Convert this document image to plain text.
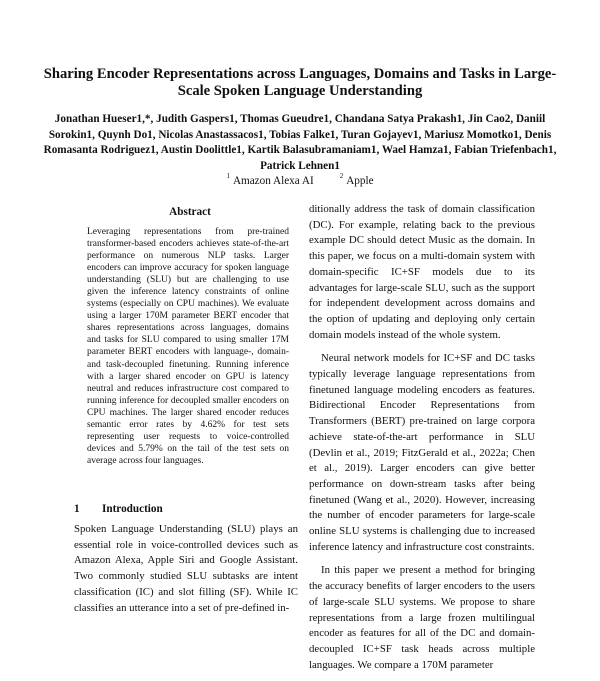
Sharing Encoder Representations across Languages, Domains and Tasks in Large-Scale Spoken Language Understanding
Jonathan Hueser1,*, Judith Gaspers1, Thomas Gueudre1, Chandana Satya Prakash1, Jin Cao2, Daniil Sorokin1, Quynh Do1, Nicolas Anastassacos1, Tobias Falke1, Turan Gojayev1, Mariusz Momotko1, Denis Romasanta Rodriguez1, Austin Doolittle1, Kartik Balasubramaniam1, Wael Hamza1, Fabian Triefenbach1, Patrick Lehnen1
$^1$ Amazon Alexa AI	$^2$ Apple
Abstract
Leveraging representations from pre-trained transformer-based encoders achieves state-of-the-art performance on numerous NLP tasks. Larger encoders can improve accuracy for spoken language understanding (SLU) but are challenging to use given the inference latency constraints of online systems (especially on CPU machines). We evaluate using a larger 170M parameter BERT encoder that shares representations across languages, domains and tasks for SLU compared to using smaller 17M parameter BERT encoders with language-, domain- and task-decoupled finetuning. Running inference with a larger shared encoder on GPU is latency neutral and reduces infrastructure cost compared to running inference for decoupled smaller encoders on CPU machines. The larger shared encoder reduces semantic error rates by 4.62% for test sets representing user requests to voice-controlled devices and 5.79% on the tail of the test sets on average across four languages.
1 Introduction

Spoken Language Understanding (SLU) plays an essential role in voice-controlled devices such as Amazon Alexa, Apple Siri and Google Assistant. Two commonly studied SLU subtasks are intent classification (IC) and slot filling (SF). While IC classifies an utterance into a set of pre-defined in-

ditionally address the task of domain classification (DC). For example, relating back to the previous example DC should detect Music as the domain. In this paper, we focus on a multi-domain system with domain-specific IC+SF models due to its advantages for large-scale SLU, such as the support for independent development across domains and the option of updating and deploying only certain domain models instead of the whole system.

Neural network models for IC+SF and DC tasks typically leverage language representations from finetuned language modeling encoders as features. Bidirectional Encoder Representations from Transformers (BERT) pre-trained on large corpora achieve state-of-the-art performance in SLU (Devlin et al., 2019; FitzGerald et al., 2022a; Chen et al., 2019). Larger encoders can give better performance on down-stream tasks after being finetuned (Wang et al., 2020). However, increasing the number of encoder parameters for large-scale online SLU systems is challenging due to increased inference latency and infrastructure cost constraints.

In this paper we present a method for bringing the accuracy benefits of larger encoders to the users of large-scale SLU systems. We propose to share representations from a large frozen multilingual encoder as features for all of the DC and domain-decoupled IC+SF task heads across multiple languages. We compare a 170M parameter
